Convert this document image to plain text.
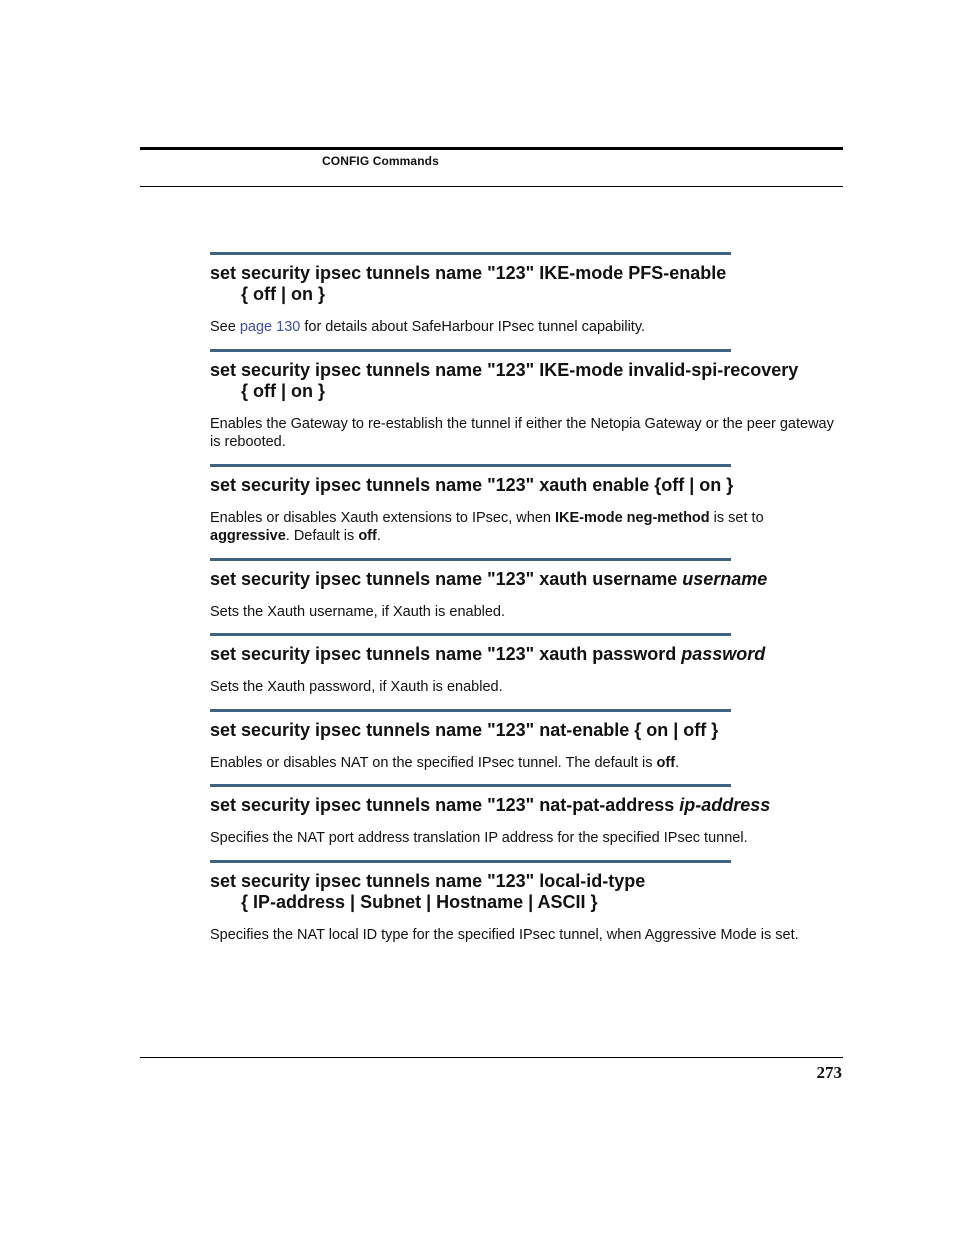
CONFIG Commands
set security ipsec tunnels name "123" IKE-mode PFS-enable
{ off | on }

See page 130 for details about SafeHarbour IPsec tunnel capability.

set security ipsec tunnels name "123" IKE-mode invalid-spi-recovery
{ off | on }

Enables the Gateway to re-establish the tunnel if either the Netopia Gateway or the peer gateway is rebooted.

set security ipsec tunnels name "123" xauth enable {off | on }

Enables or disables Xauth extensions to IPsec, when IKE-mode neg-method is set to aggressive. Default is off.

set security ipsec tunnels name "123" xauth username username

Sets the Xauth username, if Xauth is enabled.

set security ipsec tunnels name "123" xauth password password

Sets the Xauth password, if Xauth is enabled.

set security ipsec tunnels name "123" nat-enable { on | off }

Enables or disables NAT on the specified IPsec tunnel. The default is off.

set security ipsec tunnels name "123" nat-pat-address ip-address

Specifies the NAT port address translation IP address for the specified IPsec tunnel.

set security ipsec tunnels name "123" local-id-type
{ IP-address | Subnet | Hostname | ASCII }

Specifies the NAT local ID type for the specified IPsec tunnel, when Aggressive Mode is set.

273
